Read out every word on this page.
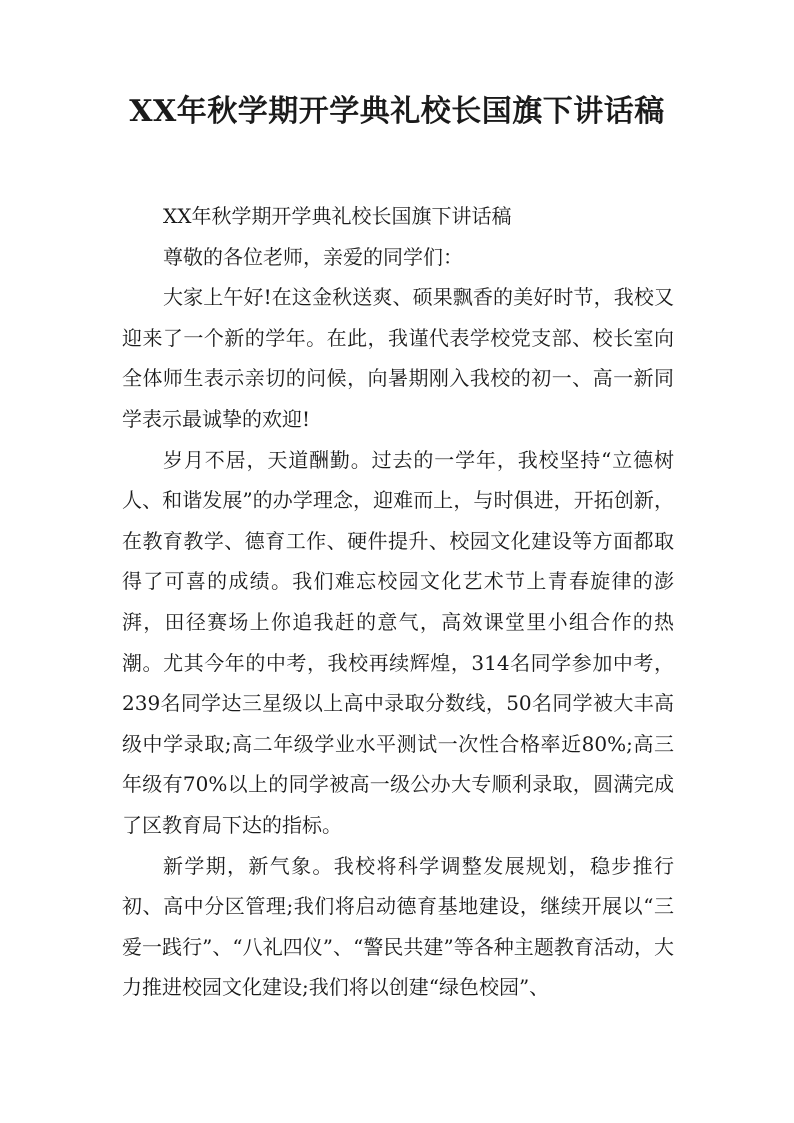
XX年秋学期开学典礼校长国旗下讲话稿

XX年秋学期开学典礼校长国旗下讲话稿

尊敬的各位老师，亲爱的同学们：

大家上午好!在这金秋送爽、硕果飘香的美好时节，我校又迎来了一个新的学年。在此，我谨代表学校党支部、校长室向全体师生表示亲切的问候，向暑期刚入我校的初一、高一新同学表示最诚挚的欢迎!

岁月不居，天道酬勤。过去的一学年，我校坚持“立德树人、和谐发展”的办学理念，迎难而上，与时俱进，开拓创新，在教育教学、德育工作、硬件提升、校园文化建设等方面都取得了可喜的成绩。我们难忘校园文化艺术节上青春旋律的澎湃，田径赛场上你追我赶的意气，高效课堂里小组合作的热潮。尤其今年的中考，我校再续辉煌，314名同学参加中考，239名同学达三星级以上高中录取分数线，50名同学被大丰高级中学录取;高二年级学业水平测试一次性合格率近80%;高三年级有70%以上的同学被高一级公办大专顺利录取，圆满完成了区教育局下达的指标。

新学期，新气象。我校将科学调整发展规划，稳步推行初、高中分区管理;我们将启动德育基地建设，继续开展以“三爱一践行”、“八礼四仪”、“警民共建”等各种主题教育活动，大力推进校园文化建设;我们将以创建“绿色校园”、
